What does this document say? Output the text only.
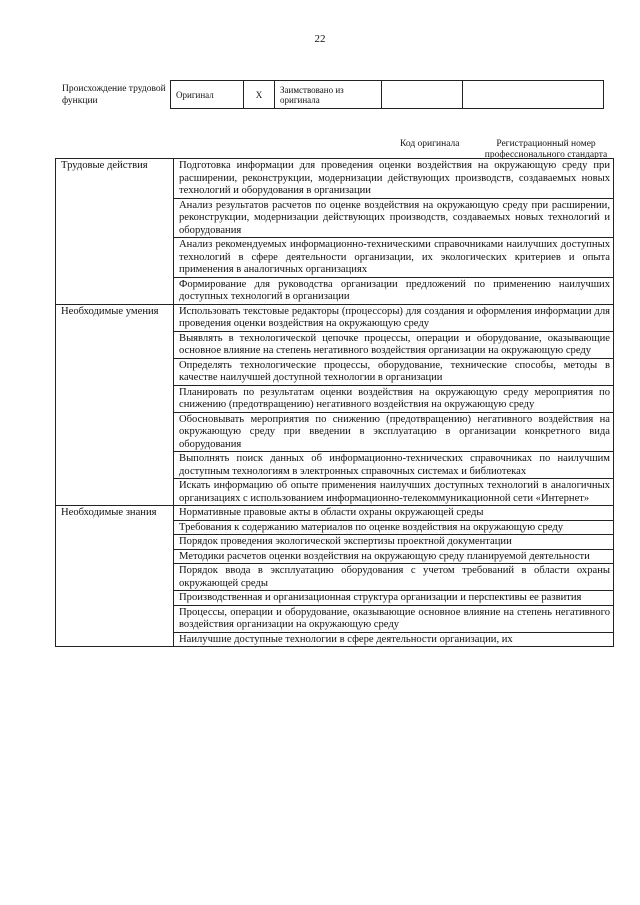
22
Происхождение трудовой функции
Оригинал	X	Заимствовано из оригинала		
Код оригинала	Регистрационный номер профессионального стандарта
Трудовые действия	Подготовка информации для проведения оценки воздействия на окружающую среду при расширении, реконструкции, модернизации действующих производств, создаваемых новых технологий и оборудования в организации
	Анализ результатов расчетов по оценке воздействия на окружающую среду при расширении, реконструкции, модернизации действующих производств, создаваемых новых технологий и оборудования
	Анализ рекомендуемых информационно-техническими справочниками наилучших доступных технологий в сфере деятельности организации, их экологических критериев и опыта применения в аналогичных организациях
	Формирование для руководства организации предложений по применению наилучших доступных технологий в организации
Необходимые умения	Использовать текстовые редакторы (процессоры) для создания и оформления информации для проведения оценки воздействия на окружающую среду
	Выявлять в технологической цепочке процессы, операции и оборудование, оказывающие основное влияние на степень негативного воздействия организации на окружающую среду
	Определять технологические процессы, оборудование, технические способы, методы в качестве наилучшей доступной технологии в организации
	Планировать по результатам оценки воздействия на окружающую среду мероприятия по снижению (предотвращению) негативного воздействия на окружающую среду
	Обосновывать мероприятия по снижению (предотвращению) негативного воздействия на окружающую среду при введении в эксплуатацию в организации конкретного вида оборудования
	Выполнять поиск данных об информационно-технических справочниках по наилучшим доступным технологиям в электронных справочных системах и библиотеках
	Искать информацию об опыте применения наилучших доступных технологий в аналогичных организациях с использованием информационно-телекоммуникационной сети «Интернет»
Необходимые знания	Нормативные правовые акты в области охраны окружающей среды
	Требования к содержанию материалов по оценке воздействия на окружающую среду
	Порядок проведения экологической экспертизы проектной документации
	Методики расчетов оценки воздействия на окружающую среду планируемой деятельности
	Порядок ввода в эксплуатацию оборудования с учетом требований в области охраны окружающей среды
	Производственная и организационная структура организации и перспективы ее развития
	Процессы, операции и оборудование, оказывающие основное влияние на степень негативного воздействия организации на окружающую среду
	Наилучшие доступные технологии в сфере деятельности организации, их
